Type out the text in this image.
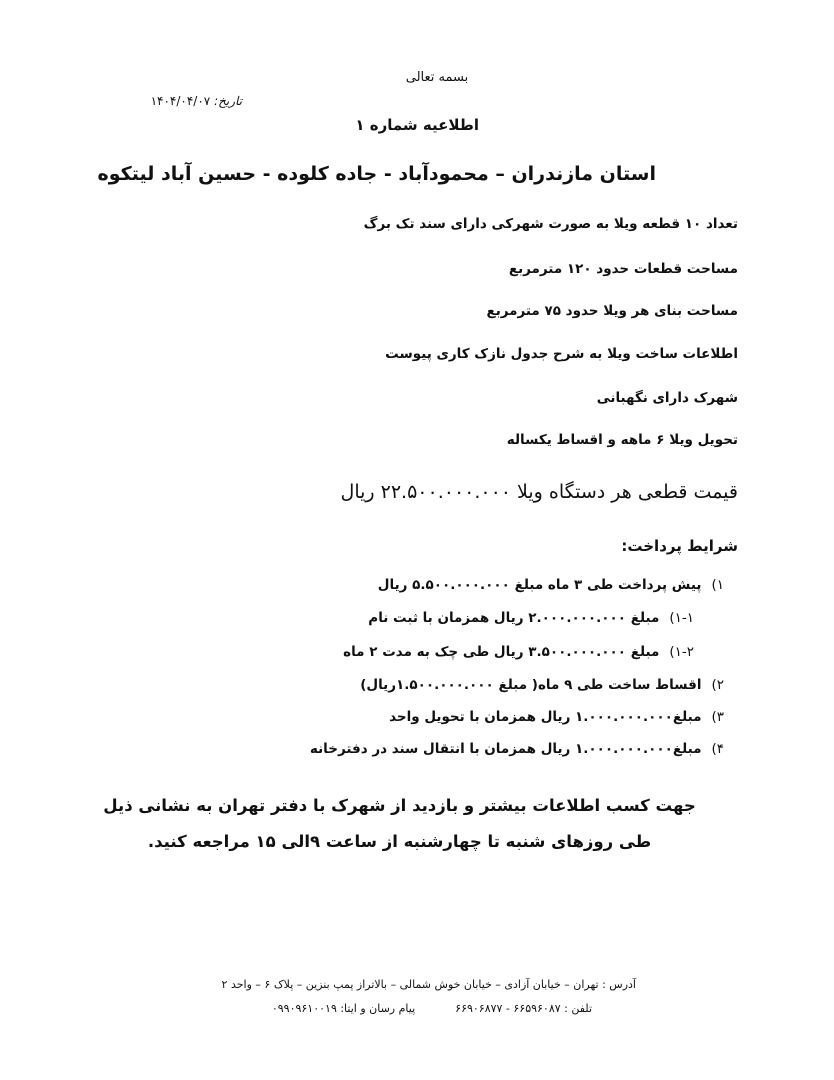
بسمه تعالی
تاریخ: ۱۴۰۴/۰۴/۰۷
اطلاعیه شماره ۱
استان مازندران – محمودآباد - جاده کلوده - حسین آباد لیتکوه
تعداد ۱۰ قطعه ویلا به صورت شهرکی دارای سند تک برگ
مساحت قطعات حدود ۱۲۰ مترمربع
مساحت بنای هر ویلا حدود ۷۵ مترمربع
اطلاعات ساخت ویلا به شرح جدول نازک کاری پیوست
شهرک دارای نگهبانی
تحویل ویلا ۶ ماهه و اقساط یکساله
قیمت قطعی هر دستگاه ویلا ۲۲.۵۰۰.۰۰۰.۰۰۰ ریال
شرایط پرداخت:
۱)پیش پرداخت طی ۳ ماه مبلغ ۵.۵۰۰.۰۰۰.۰۰۰ ریال
۱-۱)مبلغ ۲.۰۰۰.۰۰۰.۰۰۰ ریال همزمان با ثبت نام
۱-۲)مبلغ ۳.۵۰۰.۰۰۰.۰۰۰ ریال طی چک به مدت ۲ ماه
۲)اقساط ساخت طی ۹ ماه( مبلغ ۱.۵۰۰.۰۰۰.۰۰۰ریال)
۳)مبلغ۱.۰۰۰.۰۰۰.۰۰۰ ریال همزمان با تحویل واحد
۴)مبلغ۱.۰۰۰.۰۰۰.۰۰۰ ریال همزمان با انتقال سند در دفترخانه
جهت کسب اطلاعات بیشتر و بازدید از شهرک با دفتر تهران به نشانی ذیل طی روزهای شنبه تا چهارشنبه از ساعت ۹الی ۱۵ مراجعه کنید.
آدرس : تهران – خیابان آزادی – خیابان خوش شمالی – بالاتراز پمپ بنزین – پلاک ۶ – واحد ۲
تلفن : ۶۶۵۹۶۰۸۷ - ۶۶۹۰۶۸۷۷پیام رسان و ایتا: ۰۹۹۰۹۶۱۰۰۱۹
